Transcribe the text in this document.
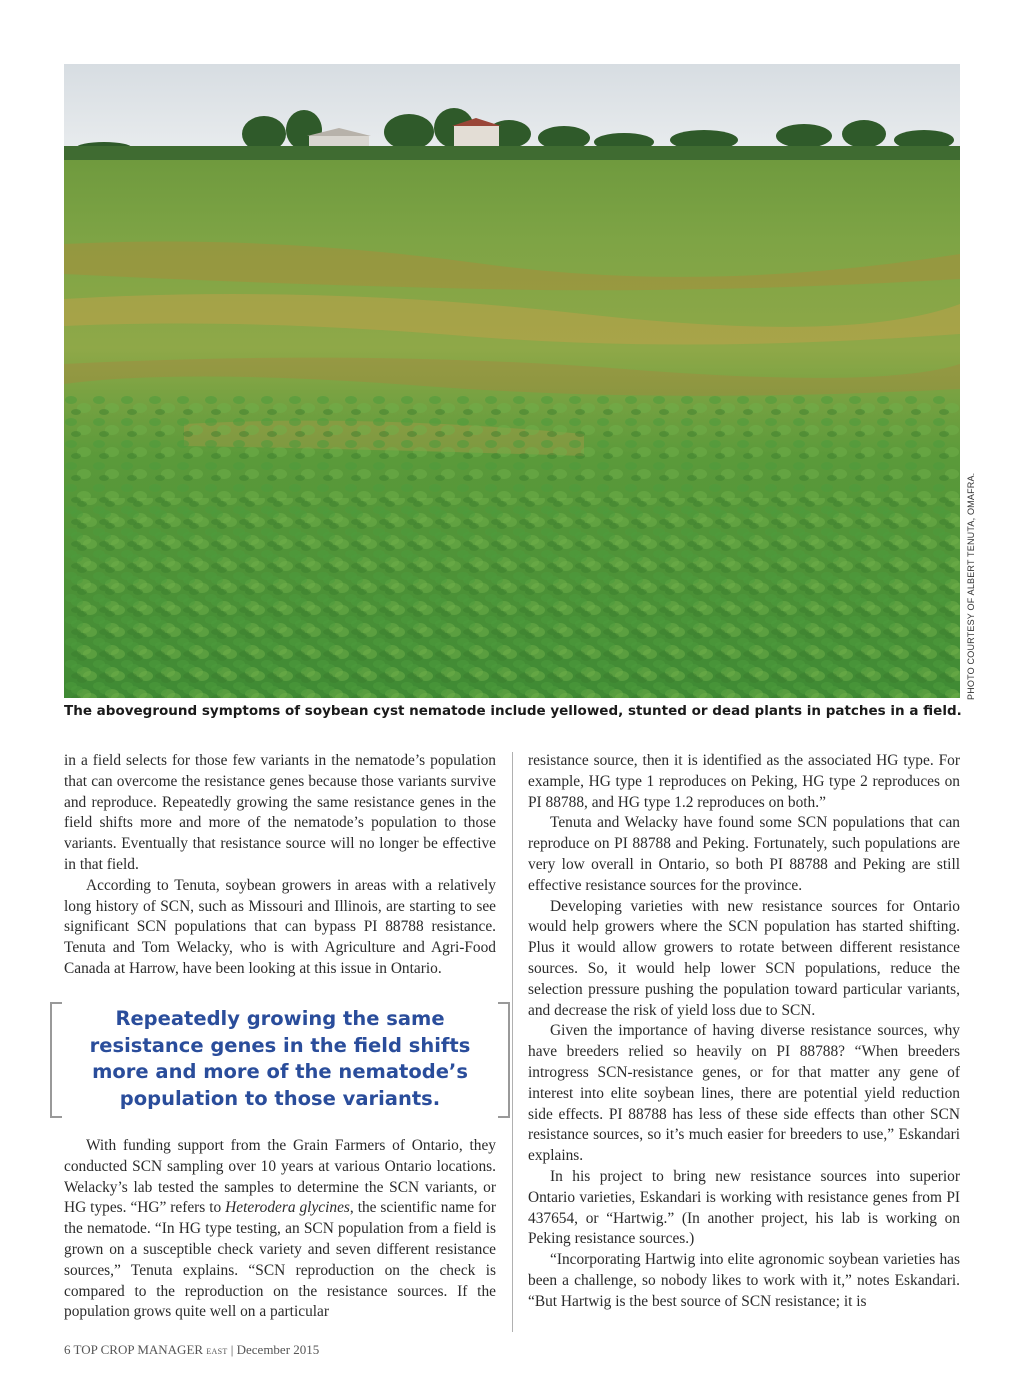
PHOTO COURTESY OF ALBERT TENUTA, OMAFRA.
The aboveground symptoms of soybean cyst nematode include yellowed, stunted or dead plants in patches in a field.

in a field selects for those few variants in the nematode’s population that can overcome the resistance genes because those variants survive and reproduce. Repeatedly growing the same resistance genes in the field shifts more and more of the nematode’s population to those variants. Eventually that resistance source will no longer be effective in that field.

According to Tenuta, soybean growers in areas with a relatively long history of SCN, such as Missouri and Illinois, are starting to see significant SCN populations that can bypass PI 88788 resistance. Tenuta and Tom Welacky, who is with Agriculture and Agri-Food Canada at Harrow, have been looking at this issue in Ontario.

Repeatedly growing the same resistance genes in the field shifts more and more of the nematode’s population to those variants.

With funding support from the Grain Farmers of Ontario, they conducted SCN sampling over 10 years at various Ontario locations. Welacky’s lab tested the samples to determine the SCN variants, or HG types. “HG” refers to Heterodera glycines, the scientific name for the nematode. “In HG type testing, an SCN population from a field is grown on a susceptible check variety and seven different resistance sources,” Tenuta explains. “SCN reproduction on the check is compared to the reproduction on the resistance sources. If the population grows quite well on a particular

resistance source, then it is identified as the associated HG type. For example, HG type 1 reproduces on Peking, HG type 2 reproduces on PI 88788, and HG type 1.2 reproduces on both.”

Tenuta and Welacky have found some SCN populations that can reproduce on PI 88788 and Peking. Fortunately, such populations are very low overall in Ontario, so both PI 88788 and Peking are still effective resistance sources for the province.

Developing varieties with new resistance sources for Ontario would help growers where the SCN population has started shifting. Plus it would allow growers to rotate between different resistance sources. So, it would help lower SCN populations, reduce the selection pressure pushing the population toward particular variants, and decrease the risk of yield loss due to SCN.

Given the importance of having diverse resistance sources, why have breeders relied so heavily on PI 88788? “When breeders introgress SCN-resistance genes, or for that matter any gene of interest into elite soybean lines, there are potential yield reduction side effects. PI 88788 has less of these side effects than other SCN resistance sources, so it’s much easier for breeders to use,” Eskandari explains.

In his project to bring new resistance sources into superior Ontario varieties, Eskandari is working with resistance genes from PI 437654, or “Hartwig.” (In another project, his lab is working on Peking resistance sources.)

“Incorporating Hartwig into elite agronomic soybean varieties has been a challenge, so nobody likes to work with it,” notes Eskandari. “But Hartwig is the best source of SCN resistance; it is

6 TOP CROP MANAGER east | December 2015
